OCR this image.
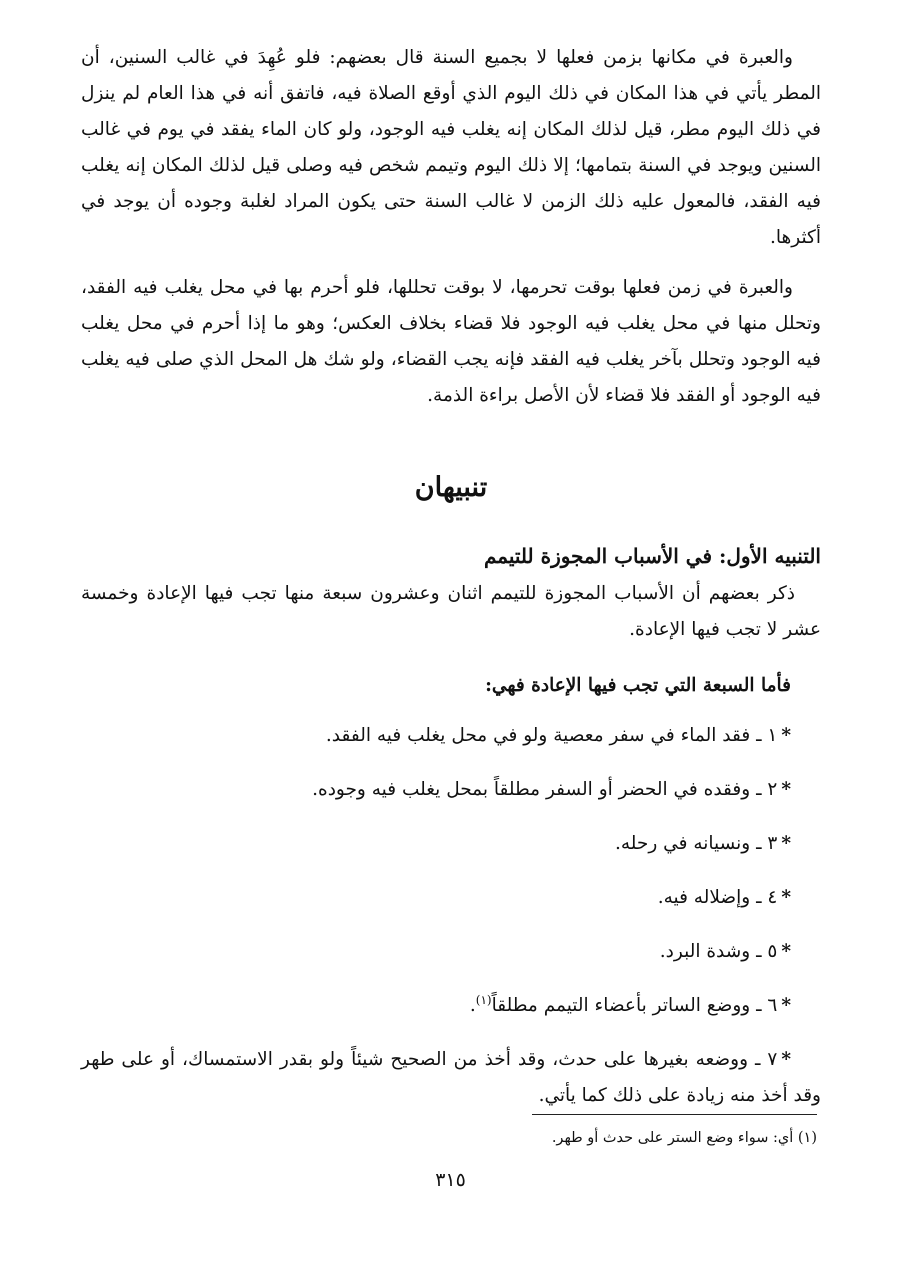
والعبرة في مكانها بزمن فعلها لا بجميع السنة قال بعضهم: فلو عُهِدَ في غالب السنين، أن المطر يأتي في هذا المكان في ذلك اليوم الذي أوقع الصلاة فيه، فاتفق أنه في هذا العام لم ينزل في ذلك اليوم مطر، قيل لذلك المكان إنه يغلب فيه الوجود، ولو كان الماء يفقد في يوم في غالب السنين ويوجد في السنة بتمامها؛ إلا ذلك اليوم وتيمم شخص فيه وصلى قيل لذلك المكان إنه يغلب فيه الفقد، فالمعول عليه ذلك الزمن لا غالب السنة حتى يكون المراد لغلبة وجوده أن يوجد في أكثرها.

والعبرة في زمن فعلها بوقت تحرمها، لا بوقت تحللها، فلو أحرم بها في محل يغلب فيه الفقد، وتحلل منها في محل يغلب فيه الوجود فلا قضاء بخلاف العكس؛ وهو ما إذا أحرم في محل يغلب فيه الوجود وتحلل بآخر يغلب فيه الفقد فإنه يجب القضاء، ولو شك هل المحل الذي صلى فيه يغلب فيه الوجود أو الفقد فلا قضاء لأن الأصل براءة الذمة.

تنبيهان
التنبيه الأول: في الأسباب المجوزة للتيمم

ذكر بعضهم أن الأسباب المجوزة للتيمم اثنان وعشرون سبعة منها تجب فيها الإعادة وخمسة عشر لا تجب فيها الإعادة.

فأما السبعة التي تجب فيها الإعادة فهي:

*١ ـ فقد الماء في سفر معصية ولو في محل يغلب فيه الفقد.

*٢ ـ وفقده في الحضر أو السفر مطلقاً بمحل يغلب فيه وجوده.

*٣ ـ ونسيانه في رحله.

*٤ ـ وإضلاله فيه.

*٥ ـ وشدة البرد.

*٦ ـ ووضع الساتر بأعضاء التيمم مطلقاً$^{(١)}$.

*٧ ـ ووضعه بغيرها على حدث، وقد أخذ من الصحيح شيئاً ولو بقدر الاستمساك، أو على طهر وقد أخذ منه زيادة على ذلك كما يأتي.

(١) أي: سواء وضع الستر على حدث أو طهر.
٣١٥
